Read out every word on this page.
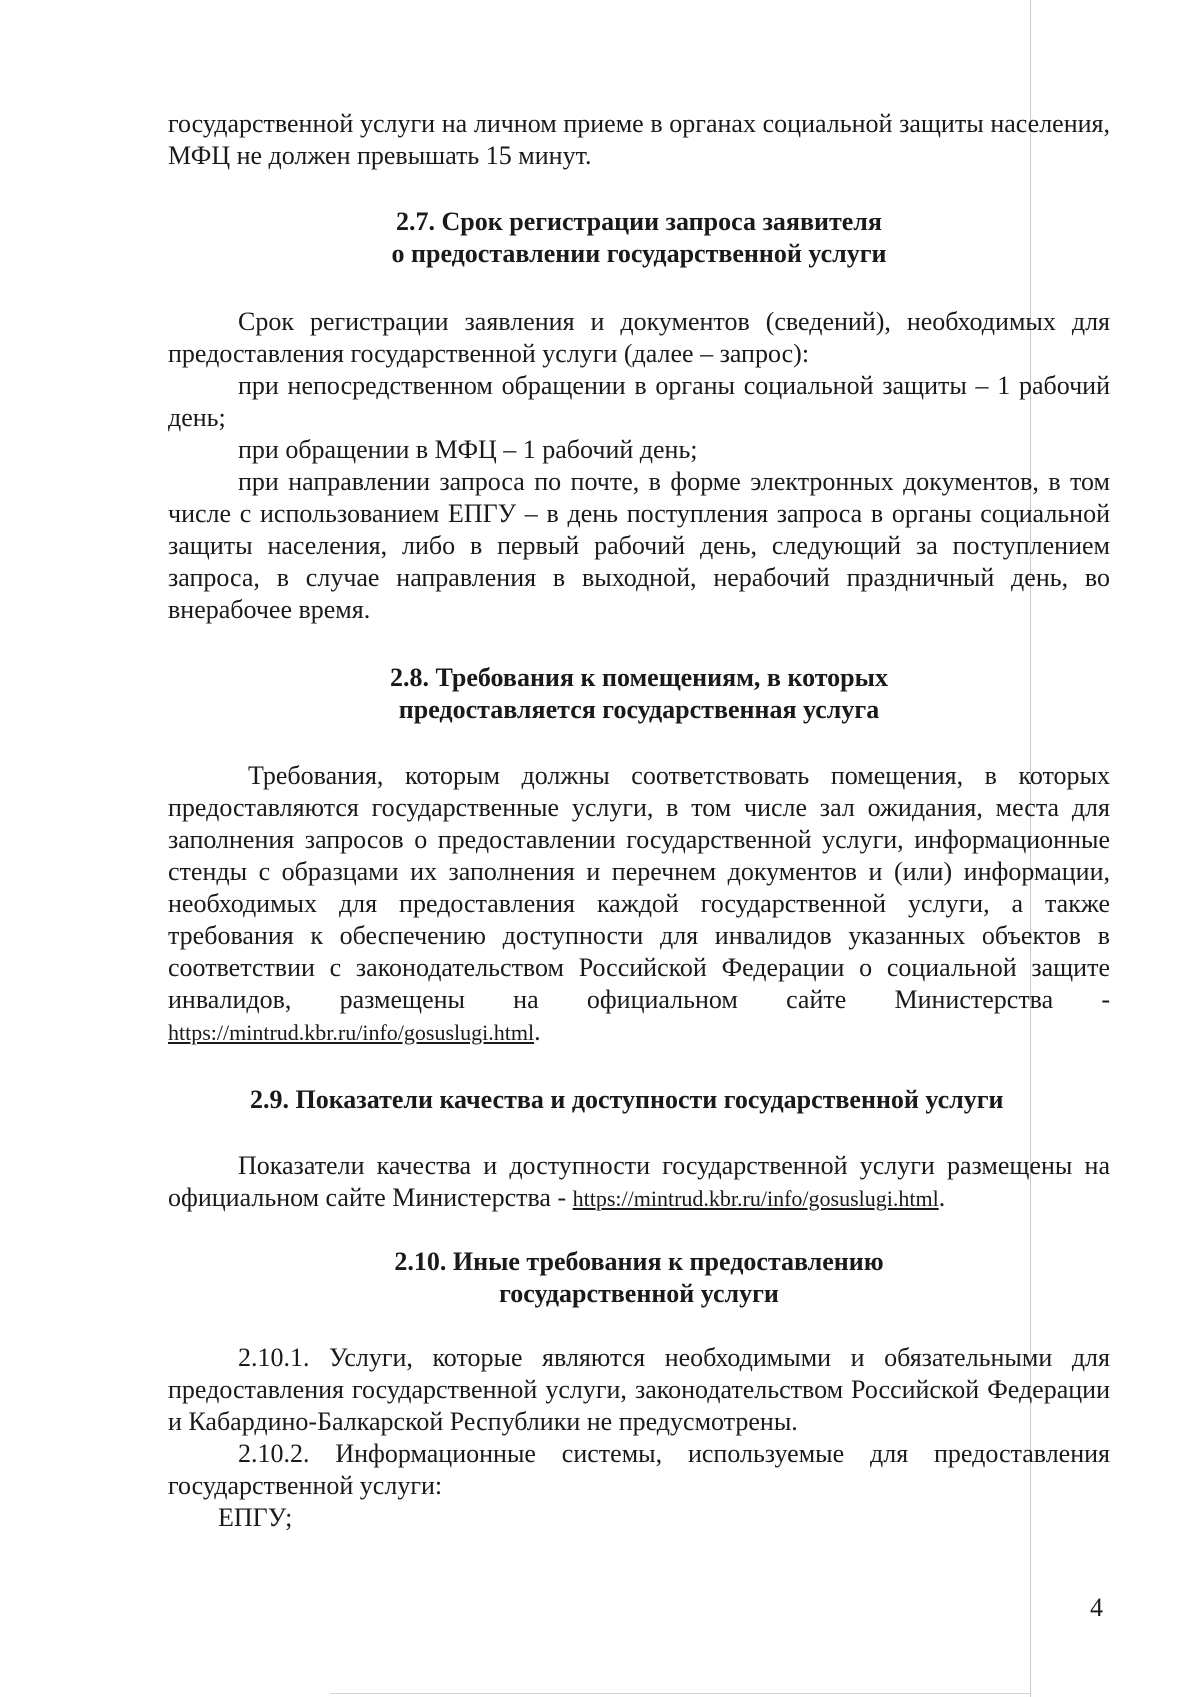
государственной услуги на личном приеме в органах социальной защиты населения, МФЦ не должен превышать 15 минут.

2.7. Срок регистрации запроса заявителя
о предоставлении государственной услуги

Срок регистрации заявления и документов (сведений), необходимых для предоставления государственной услуги (далее – запрос):

при непосредственном обращении в органы социальной защиты – 1 рабочий день;

при обращении в МФЦ – 1 рабочий день;

при направлении запроса по почте, в форме электронных документов, в том числе с использованием ЕПГУ – в день поступления запроса в органы социальной защиты населения, либо в первый рабочий день, следующий за поступлением запроса, в случае направления в выходной, нерабочий праздничный день, во внерабочее время.

2.8. Требования к помещениям, в которых
предоставляется государственная услуга

Требования, которым должны соответствовать помещения, в которых предоставляются государственные услуги, в том числе зал ожидания, места для заполнения запросов о предоставлении государственной услуги, информационные стенды с образцами их заполнения и перечнем документов и (или) информации, необходимых для предоставления каждой государственной услуги, а также требования к обеспечению доступности для инвалидов указанных объектов в соответствии с законодательством Российской Федерации о социальной защите инвалидов, размещены на официальном сайте Министерства - https://mintrud.kbr.ru/info/gosuslugi.html.

2.9. Показатели качества и доступности государственной услуги

Показатели качества и доступности государственной услуги размещены на официальном сайте Министерства - https://mintrud.kbr.ru/info/gosuslugi.html.

2.10. Иные требования к предоставлению
государственной услуги

2.10.1. Услуги, которые являются необходимыми и обязательными для предоставления государственной услуги, законодательством Российской Федерации и Кабардино-Балкарской Республики не предусмотрены.

2.10.2. Информационные системы, используемые для предоставления государственной услуги:

ЕПГУ;

4
